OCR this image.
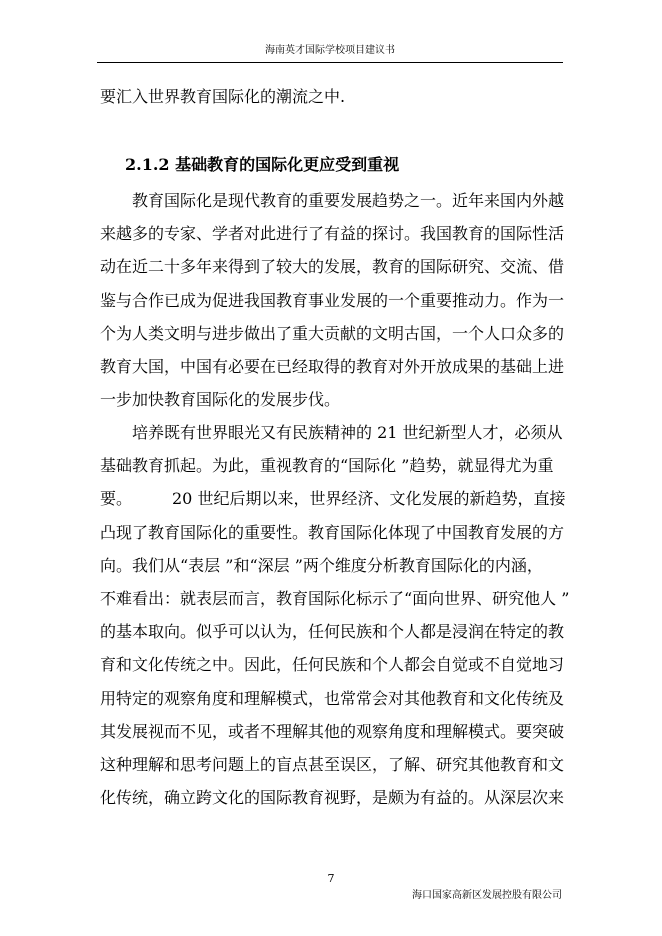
海南英才国际学校项目建议书

要汇入世界教育国际化的潮流之中.

2.1.2 基础教育的国际化更应受到重视
教育国际化是现代教育的重要发展趋势之一。近年来国内外越
来越多的专家、学者对此进行了有益的探讨。我国教育的国际性活
动在近二十多年来得到了较大的发展，教育的国际研究、交流、借
鉴与合作已成为促进我国教育事业发展的一个重要推动力。作为一
个为人类文明与进步做出了重大贡献的文明古国，一个人口众多的
教育大国，中国有必要在已经取得的教育对外开放成果的基础上进
一步加快教育国际化的发展步伐。
培养既有世界眼光又有民族精神的 21 世纪新型人才，必须从
基础教育抓起。为此，重视教育的“国际化 ”趋势，就显得尤为重
要。　　　20 世纪后期以来，世界经济、文化发展的新趋势，直接
凸现了教育国际化的重要性。教育国际化体现了中国教育发展的方
向。我们从“表层 ”和“深层 ”两个维度分析教育国际化的内涵，
不难看出：就表层而言，教育国际化标示了“面向世界、研究他人 ”
的基本取向。似乎可以认为，任何民族和个人都是浸润在特定的教
育和文化传统之中。因此，任何民族和个人都会自觉或不自觉地习
用特定的观察角度和理解模式，也常常会对其他教育和文化传统及
其发展视而不见，或者不理解其他的观察角度和理解模式。要突破
这种理解和思考问题上的盲点甚至误区，了解、研究其他教育和文
化传统，确立跨文化的国际教育视野，是颇为有益的。从深层次来
7
海口国家高新区发展控股有限公司
